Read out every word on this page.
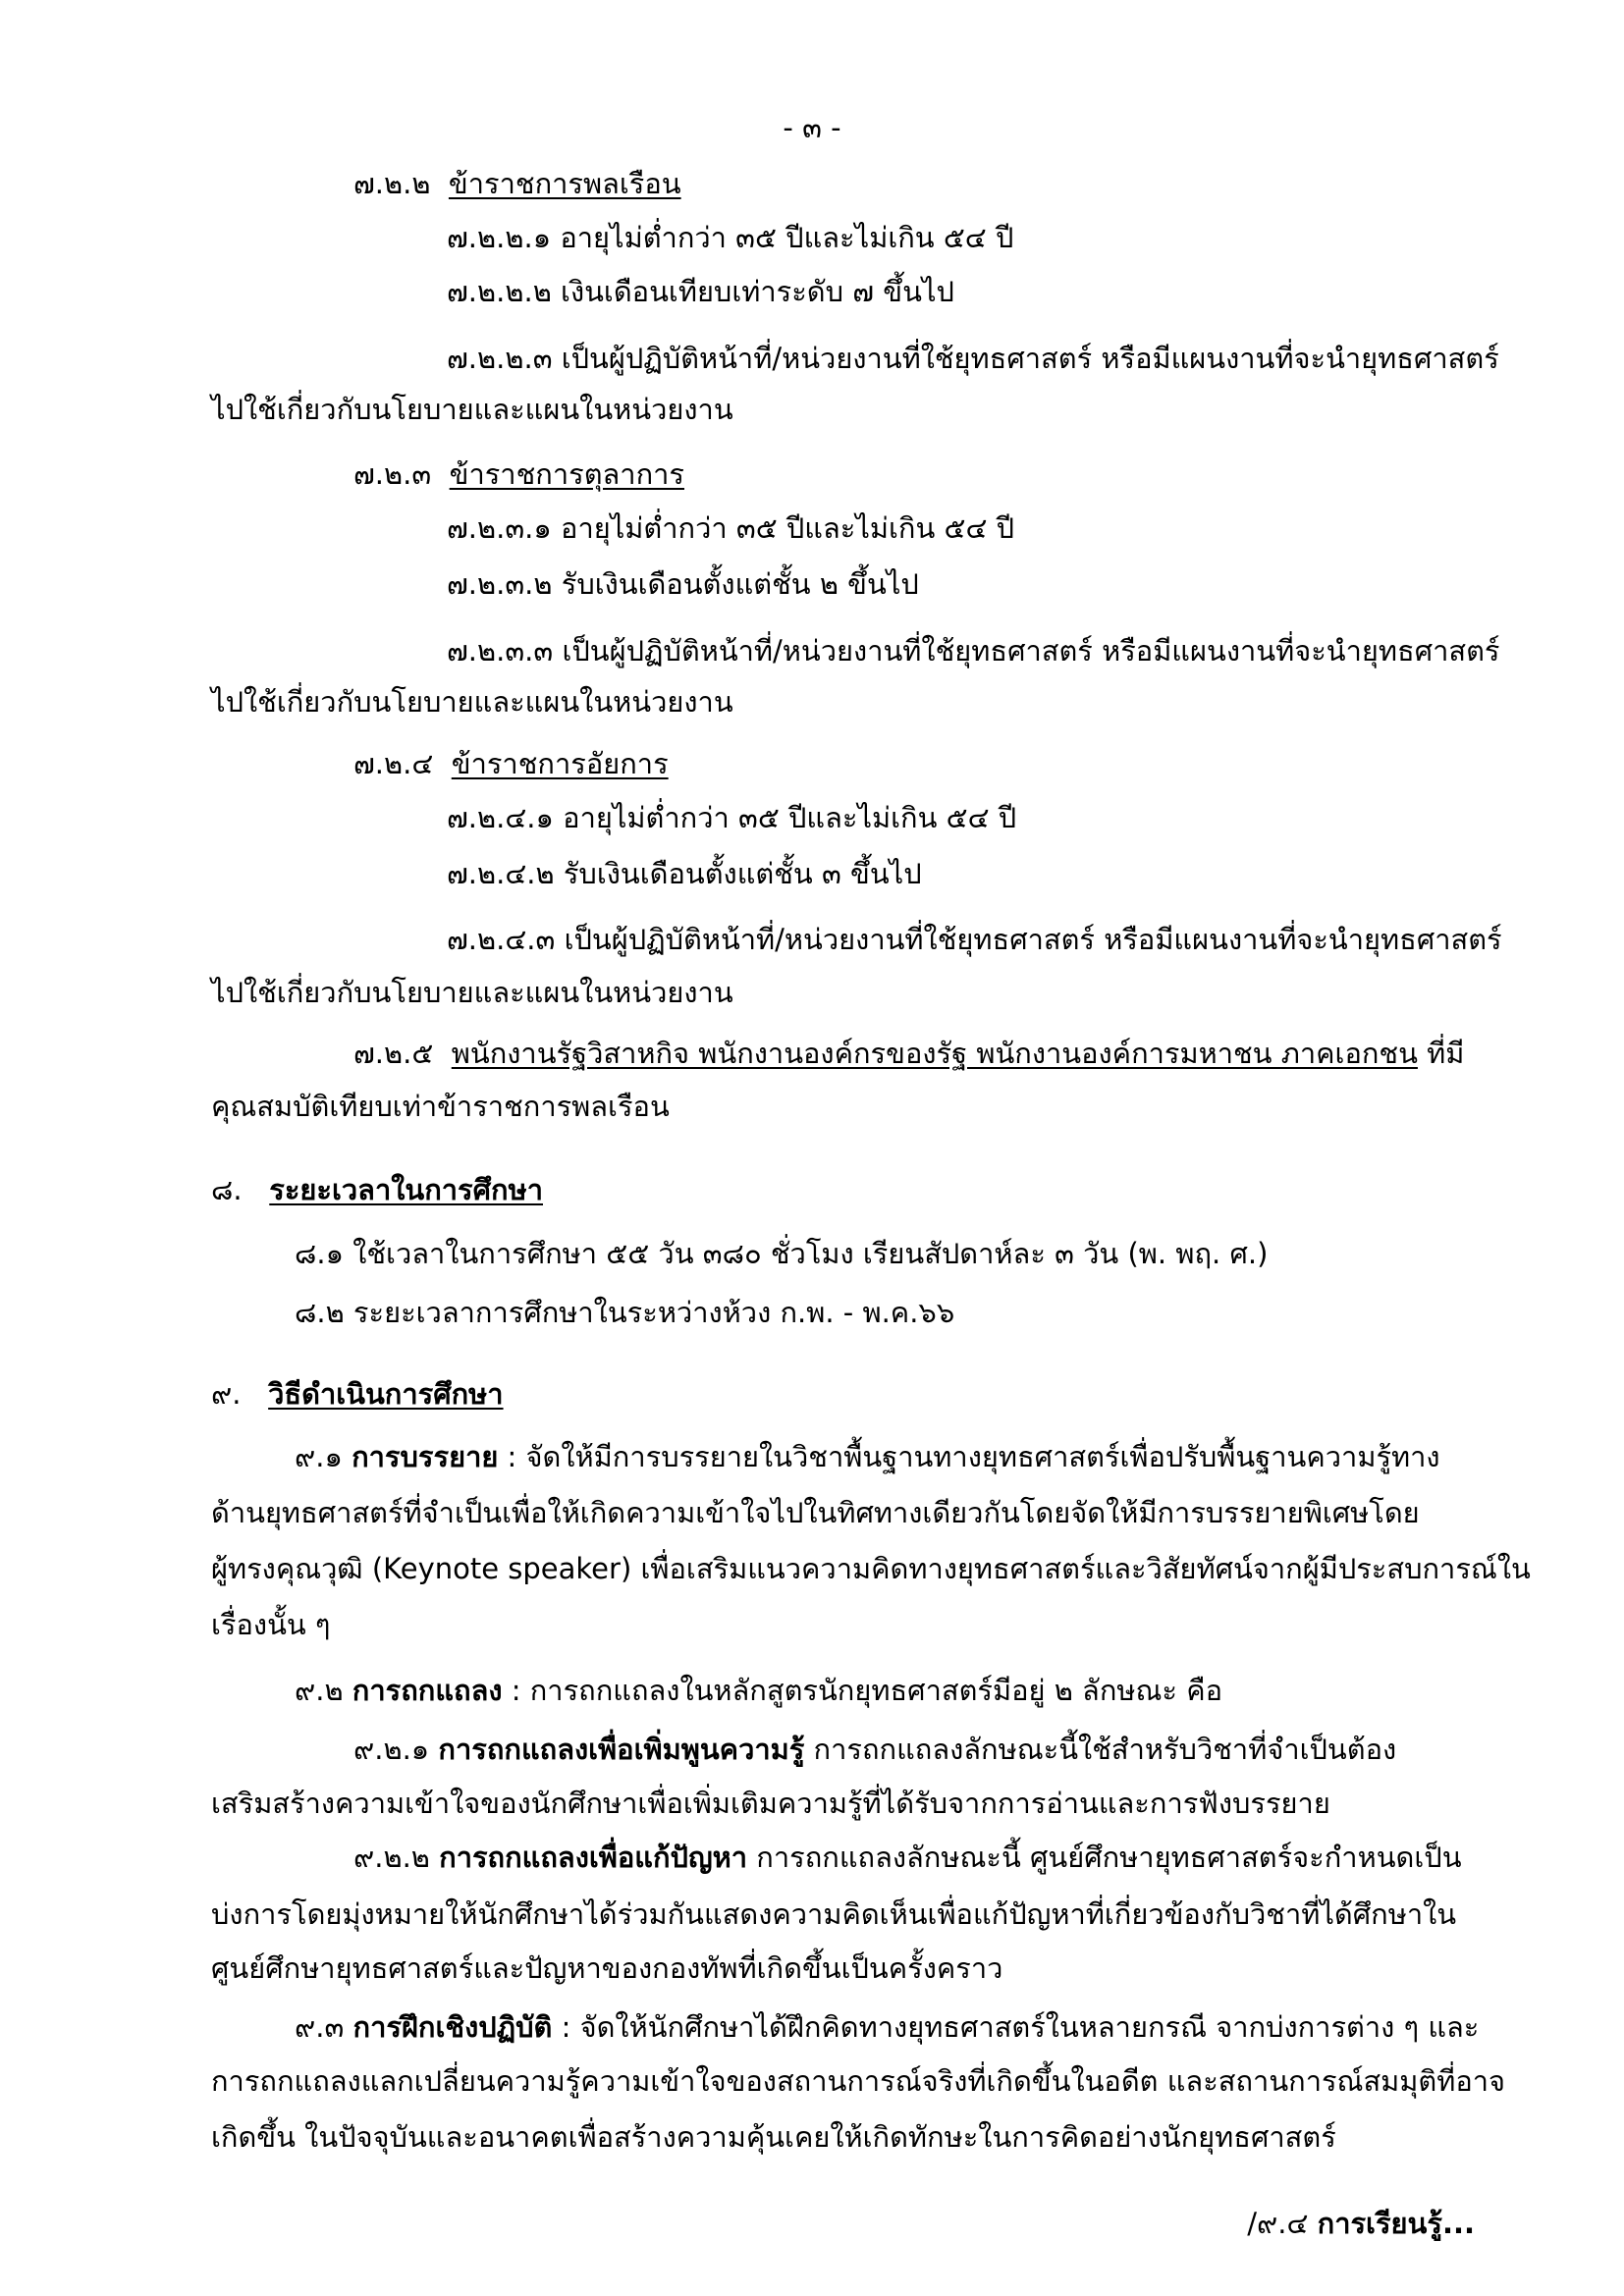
- ๓ -
๗.๒.๒ ข้าราชการพลเรือน
๗.๒.๒.๑ อายุไม่ต่ำกว่า ๓๕ ปีและไม่เกิน ๕๔ ปี
๗.๒.๒.๒ เงินเดือนเทียบเท่าระดับ ๗ ขึ้นไป
๗.๒.๒.๓ เป็นผู้ปฏิบัติหน้าที่/หน่วยงานที่ใช้ยุทธศาสตร์ หรือมีแผนงานที่จะนำยุทธศาสตร์
ไปใช้เกี่ยวกับนโยบายและแผนในหน่วยงาน
๗.๒.๓ ข้าราชการตุลาการ
๗.๒.๓.๑ อายุไม่ต่ำกว่า ๓๕ ปีและไม่เกิน ๕๔ ปี
๗.๒.๓.๒ รับเงินเดือนตั้งแต่ชั้น ๒ ขึ้นไป
๗.๒.๓.๓ เป็นผู้ปฏิบัติหน้าที่/หน่วยงานที่ใช้ยุทธศาสตร์ หรือมีแผนงานที่จะนำยุทธศาสตร์
ไปใช้เกี่ยวกับนโยบายและแผนในหน่วยงาน
๗.๒.๔ ข้าราชการอัยการ
๗.๒.๔.๑ อายุไม่ต่ำกว่า ๓๕ ปีและไม่เกิน ๕๔ ปี
๗.๒.๔.๒ รับเงินเดือนตั้งแต่ชั้น ๓ ขึ้นไป
๗.๒.๔.๓ เป็นผู้ปฏิบัติหน้าที่/หน่วยงานที่ใช้ยุทธศาสตร์ หรือมีแผนงานที่จะนำยุทธศาสตร์
ไปใช้เกี่ยวกับนโยบายและแผนในหน่วยงาน
๗.๒.๕ พนักงานรัฐวิสาหกิจ พนักงานองค์กรของรัฐ พนักงานองค์การมหาชน ภาคเอกชน ที่มี
คุณสมบัติเทียบเท่าข้าราชการพลเรือน
๘. ระยะเวลาในการศึกษา
๘.๑ ใช้เวลาในการศึกษา ๕๕ วัน ๓๘๐ ชั่วโมง เรียนสัปดาห์ละ ๓ วัน (พ. พฤ. ศ.)
๘.๒ ระยะเวลาการศึกษาในระหว่างห้วง ก.พ. - พ.ค.๖๖
๙. วิธีดำเนินการศึกษา
๙.๑ การบรรยาย : จัดให้มีการบรรยายในวิชาพื้นฐานทางยุทธศาสตร์เพื่อปรับพื้นฐานความรู้ทาง
ด้านยุทธศาสตร์ที่จำเป็นเพื่อให้เกิดความเข้าใจไปในทิศทางเดียวกันโดยจัดให้มีการบรรยายพิเศษโดย
ผู้ทรงคุณวุฒิ (Keynote speaker) เพื่อเสริมแนวความคิดทางยุทธศาสตร์และวิสัยทัศน์จากผู้มีประสบการณ์ใน
เรื่องนั้น ๆ
๙.๒ การถกแถลง : การถกแถลงในหลักสูตรนักยุทธศาสตร์มีอยู่ ๒ ลักษณะ คือ
๙.๒.๑ การถกแถลงเพื่อเพิ่มพูนความรู้ การถกแถลงลักษณะนี้ใช้สำหรับวิชาที่จำเป็นต้อง
เสริมสร้างความเข้าใจของนักศึกษาเพื่อเพิ่มเติมความรู้ที่ได้รับจากการอ่านและการฟังบรรยาย
๙.๒.๒ การถกแถลงเพื่อแก้ปัญหา การถกแถลงลักษณะนี้ ศูนย์ศึกษายุทธศาสตร์จะกำหนดเป็น
บ่งการโดยมุ่งหมายให้นักศึกษาได้ร่วมกันแสดงความคิดเห็นเพื่อแก้ปัญหาที่เกี่ยวข้องกับวิชาที่ได้ศึกษาใน
ศูนย์ศึกษายุทธศาสตร์และปัญหาของกองทัพที่เกิดขึ้นเป็นครั้งคราว
๙.๓ การฝึกเชิงปฏิบัติ : จัดให้นักศึกษาได้ฝึกคิดทางยุทธศาสตร์ในหลายกรณี จากบ่งการต่าง ๆ และ
การถกแถลงแลกเปลี่ยนความรู้ความเข้าใจของสถานการณ์จริงที่เกิดขึ้นในอดีต และสถานการณ์สมมุติที่อาจ
เกิดขึ้น ในปัจจุบันและอนาคตเพื่อสร้างความคุ้นเคยให้เกิดทักษะในการคิดอย่างนักยุทธศาสตร์
/๙.๔ การเรียนรู้...
